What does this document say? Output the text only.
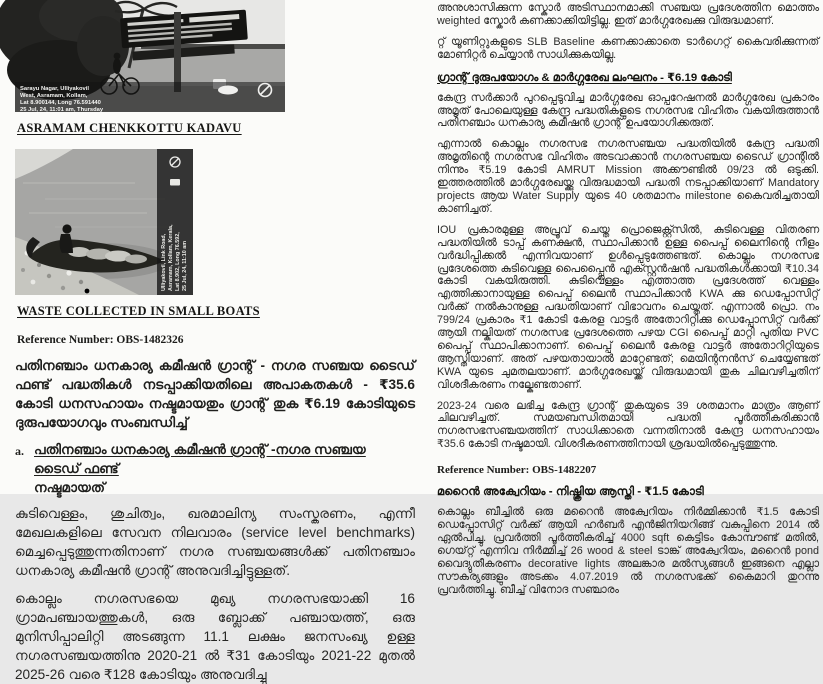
Sarayu Nagar, Ulliyakovil
West, Asramam, Kollam,
Lat 8.900144, Long 76.591440
25 Jul, 24, 11:01 am, Thursday
ASRAMAM CHENKKOTTU KADAVU
Ulliyakovil, Link Road, Asramam, Kollam, Kerala, Lat 8.902, Long 76.592, 25 Jul, 24, 11:10 am
WASTE COLLECTED IN SMALL BOATS

Reference Number: OBS-1482326

പതിനഞ്ചാം ധനകാര്യ കമീഷൻ ഗ്രാന്റ് - നഗര സഞ്ചയ ടൈഡ് ഫണ്ട് പദ്ധതികൾ നടപ്പാക്കിയതിലെ അപാകതകൾ - ₹35.6 കോടി ധനസഹായം നഷ്ടമായതും ഗ്രാന്റ് തുക ₹6.19 കോടിയുടെ ദുരുപയോഗവും സംബന്ധിച്ച്

a. പതിനഞ്ചാം ധനകാര്യ കമീഷൻ ഗ്രാന്റ് -നഗര സഞ്ചയ ടൈഡ് ഫണ്ട്
നഷ്ടമായത്

കുടിവെള്ളം, ശുചിത്വം, ഖരമാലിന്യ സംസ്കരണം, എന്നീ മേഖലകളിലെ സേവന നിലവാരം (service level benchmarks) മെച്ചപ്പെടുത്തുന്നതിനാണ് നഗര സഞ്ചയങ്ങൾക്ക് പതിനഞ്ചാം ധനകാര്യ കമീഷൻ ഗ്രാന്റ് അനുവദിച്ചിട്ടുള്ളത്.

കൊല്ലം നഗരസഭയെ മുഖ്യ നഗരസഭയാക്കി 16 ഗ്രാമപഞ്ചായത്തുകൾ, ഒരു ബ്ലോക്ക് പഞ്ചായത്ത്, ഒരു മുനിസിപ്പാലിറ്റി അടങ്ങുന്ന 11.1 ലക്ഷം ജനസംഖ്യ ഉള്ള നഗരസഞ്ചയത്തിനു 2020-21 ൽ ₹31 കോടിയും 2021-22 മുതൽ 2025-26 വരെ ₹128 കോടിയും അനുവദിച്ചു

അനുശാസിക്കുന്ന സ്കോർ അടിസ്ഥാനമാക്കി സഞ്ചയ പ്രദേശത്തിന മൊത്തം weighted സ്കോർ കണക്കാക്കിയിട്ടില്ല. ഇത് മാർഗ്ഗരേഖക്കു വിരുദ്ധമാണ്.

റ്റ് യൂണിറ്റുകളുടെ SLB Baseline കണക്കാക്കാതെ ടാർഗെറ്റ് കൈവരിക്കുന്നത് മോണിറ്റർ ചെയ്യാൻ സാധിക്കുകയില്ല.

ഗ്രാന്റ് ദുരുപയോഗം & മാർഗ്ഗരേഖ ലംഘനം - ₹6.19 കോടി

കേന്ദ്ര സർക്കാർ പുറപ്പെടുവിച്ച മാർഗ്ഗരേഖ ഓപ്പറേഷനൽ മാർഗ്ഗരേഖ പ്രകാരം അമൃത് പോലെയുള്ള കേന്ദ്ര പദ്ധതികളുടെ നഗരസഭ വിഹിതം വകയിരുത്താൻ പതിനഞ്ചാം ധനകാര്യ കമീഷൻ ഗ്രാന്റ് ഉപയോഗിക്കരുത്.

എന്നാൽ കൊല്ലം നഗരസഭ നഗരസഞ്ചയ പദ്ധതിയിൽ കേന്ദ്ര പദ്ധതി അമൃതിന്റെ നഗരസഭ വിഹിതം അടവാക്കാൻ നഗരസഞ്ചയ ടൈഡ് ഗ്രാന്റിൽ നിന്നും ₹5.19 കോടി AMRUT Mission അക്കൗണ്ടിൽ 09/23 ൽ ഒടുക്കി. ഇത്തരത്തിൽ മാർഗ്ഗരേഖയ്ക്കു വിരുദ്ധമായി പദ്ധതി നടപ്പാക്കിയാണ് Mandatory projects ആയ Water Supply യുടെ 40 ശതമാനം milestone കൈവരിച്ചതായി കാണിച്ചത്.

IOU പ്രകാരമുള്ള അപ്രൂവ് ചെയ്ത പ്രൊജെക്റ്റ്സിൽ, കുടിവെള്ള വിതരണ പദ്ധതിയിൽ ടാപ്പ് കണക്ഷൻ, സ്ഥാപിക്കാൻ ഉള്ള പൈപ്പ് ലൈനിന്റെ നീളം വർദ്ധിപ്പിക്കൽ എന്നിവയാണ് ഉൾപ്പെടുത്തേണ്ടത്. കൊല്ലം നഗരസഭ പ്രദേശത്തെ കുടിവെള്ള പൈപ്പ്ലൈൻ എക്സ്റ്റൻഷൻ പദ്ധതികൾക്കായി ₹10.34 കോടി വകയിരുത്തി. കുടിവെള്ളം എത്താത്ത പ്രദേശത്ത് വെള്ളം എത്തിക്കാനായുള്ള പൈപ്പ് ലൈൻ സ്ഥാപിക്കാൻ KWA ക്കു ഡെപ്പോസിറ്റ് വർക്ക് നൽകാനുള്ള പദ്ധതിയാണ് വിഭാവനം ചെയ്തത്. എന്നാൽ പ്രൊ. നം 799/24 പ്രകാരം ₹1 കോടി കേരള വാട്ടർ അതോറിറ്റിക്കു ഡെപ്പോസിറ്റ് വർക്ക് ആയി നല്കിയത് നഗരസഭ പ്രദേശത്തെ പഴയ CGI പൈപ്പ് മാറ്റി പുതിയ PVC പൈപ്പ് സ്ഥാപിക്കാനാണ്. പൈപ്പ് ലൈൻ കേരള വാട്ടർ അതോറിറ്റിയുടെ ആസ്തിയാണ്. അത് പഴയതായാൽ മാറ്റേണ്ടത്; മെയിന്റനൻസ് ചെയ്യേണ്ടത് KWA യുടെ ചുമതലയാണ്. മാർഗ്ഗരേഖയ്ക്ക് വിരുദ്ധമായി തുക ചിലവഴിച്ചതിന് വിശദീകരണം നല്കേണ്ടതാണ്.

2023-24 വരെ ലഭിച്ച കേന്ദ്ര ഗ്രാന്റ് തുകയുടെ 39 ശതമാനം മാത്രം ആണ് ചിലവഴിച്ചത്. സമയബന്ധിതമായി പദ്ധതി പൂർത്തീകരിക്കാൻ നഗരസഭസഞ്ചയത്തിന് സാധിക്കാതെ വന്നതിനാൽ കേന്ദ്ര ധനസഹായം ₹35.6 കോടി നഷ്ടമായി. വിശദീകരണത്തിനായി ശ്രദ്ധയിൽപ്പെടുത്തുന്നു.

Reference Number: OBS-1482207

മറൈൻ അക്വേറിയം - നിഷ്ക്രിയ ആസ്തി - ₹1.5 കോടി

കൊല്ലം ബീച്ചിൽ ഒരു മറൈൻ അക്വേറിയം നിർമ്മിക്കാൻ ₹1.5 കോടി ഡെപ്പോസിറ്റ് വർക്ക് ആയി ഹർബർ എൻജിനിയറിങ്ങ് വകുപ്പിനെ 2014 ൽ ഏൽപിച്ചു. പ്രവർത്തി പൂർത്തീകരിച്ച് 4000 sqft കെട്ടിടം കോമ്പൗണ്ട് മതിൽ, ഗെയ്റ്റ് എന്നിവ നിർമ്മിച്ച് 26 wood & steel ടാങ്ക് അക്വേറിയം, മറൈൻ pond വൈദ്യുതീകരണം decorative lights അലങ്കാര മൽസ്യങ്ങൾ ഇങ്ങനെ എല്ലാ സൗകര്യങ്ങളും അടക്കം 4.07.2019 ൽ നഗരസഭക്ക് കൈമാറി തുറന്നു പ്രവർത്തിച്ചു. ബീച്ച് വിനോദ സഞ്ചാരം
